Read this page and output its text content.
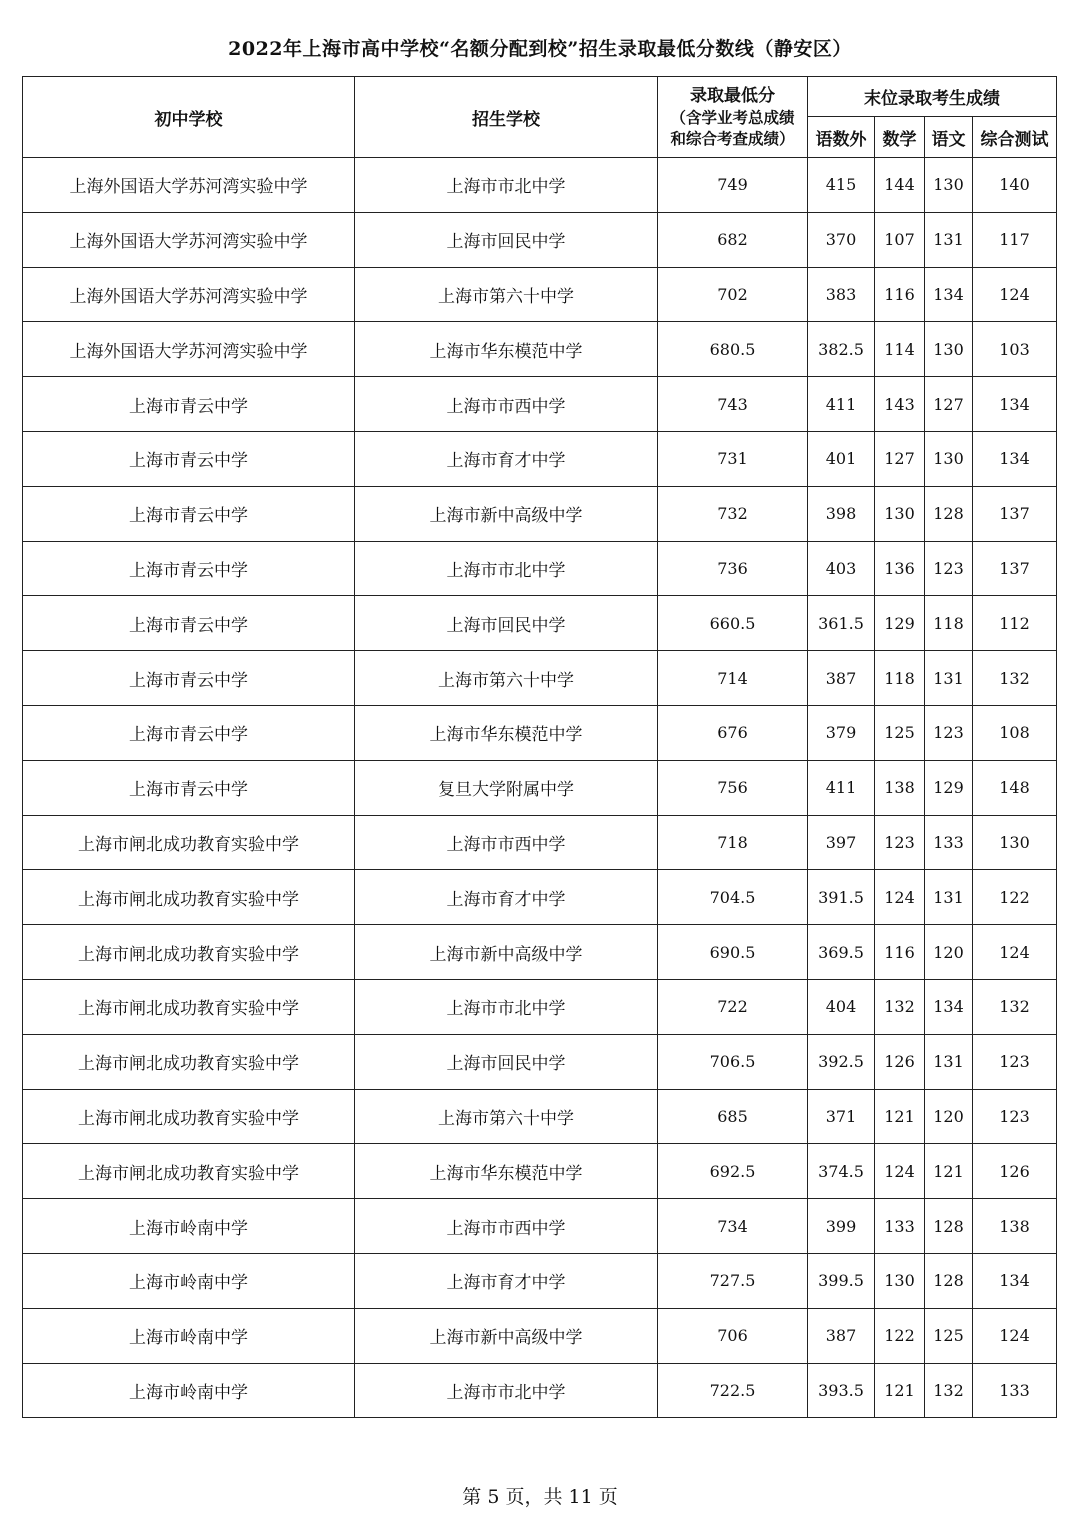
2022年上海市高中学校“名额分配到校”招生录取最低分数线（静安区）
初中学校	招生学校	录取最低分
（含学业考总成绩
和综合考查成绩）	末位录取考生成绩			
			语数外	数学	语文	综合测试
上海外国语大学苏河湾实验中学	上海市市北中学	749	415	144	130	140
上海外国语大学苏河湾实验中学	上海市回民中学	682	370	107	131	117
上海外国语大学苏河湾实验中学	上海市第六十中学	702	383	116	134	124
上海外国语大学苏河湾实验中学	上海市华东模范中学	680.5	382.5	114	130	103
上海市青云中学	上海市市西中学	743	411	143	127	134
上海市青云中学	上海市育才中学	731	401	127	130	134
上海市青云中学	上海市新中高级中学	732	398	130	128	137
上海市青云中学	上海市市北中学	736	403	136	123	137
上海市青云中学	上海市回民中学	660.5	361.5	129	118	112
上海市青云中学	上海市第六十中学	714	387	118	131	132
上海市青云中学	上海市华东模范中学	676	379	125	123	108
上海市青云中学	复旦大学附属中学	756	411	138	129	148
上海市闸北成功教育实验中学	上海市市西中学	718	397	123	133	130
上海市闸北成功教育实验中学	上海市育才中学	704.5	391.5	124	131	122
上海市闸北成功教育实验中学	上海市新中高级中学	690.5	369.5	116	120	124
上海市闸北成功教育实验中学	上海市市北中学	722	404	132	134	132
上海市闸北成功教育实验中学	上海市回民中学	706.5	392.5	126	131	123
上海市闸北成功教育实验中学	上海市第六十中学	685	371	121	120	123
上海市闸北成功教育实验中学	上海市华东模范中学	692.5	374.5	124	121	126
上海市岭南中学	上海市市西中学	734	399	133	128	138
上海市岭南中学	上海市育才中学	727.5	399.5	130	128	134
上海市岭南中学	上海市新中高级中学	706	387	122	125	124
上海市岭南中学	上海市市北中学	722.5	393.5	121	132	133
第 5 页，共 11 页
